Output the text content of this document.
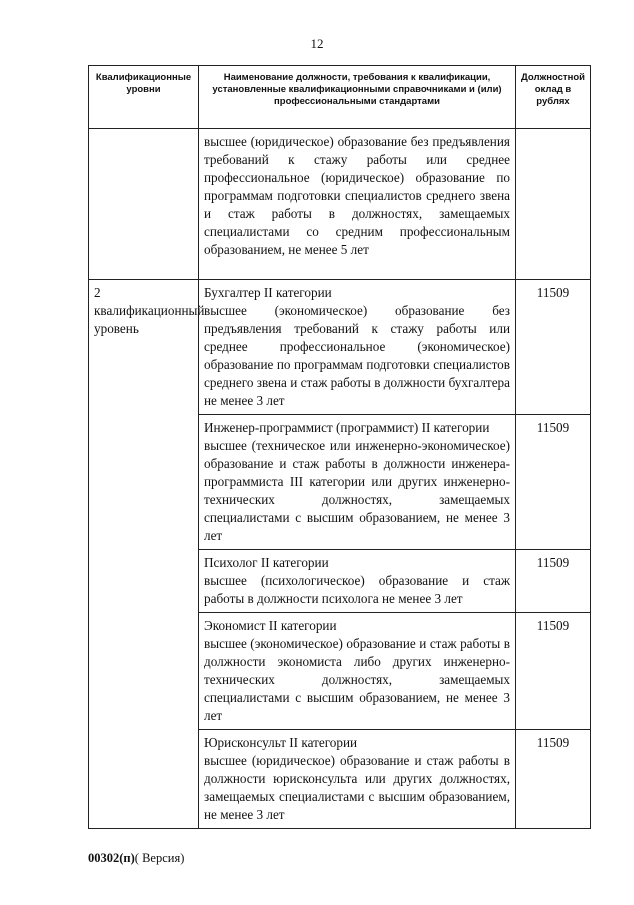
12
Квалификационные уровни	Наименование должности, требования к квалификации, установленные квалификационными справочниками и (или) профессиональными стандартами	Должностной оклад в рублях

	высшее (юридическое) образование без предъявления требований к стажу работы или среднее профессиональное (юридическое) образование по программам подготовки специалистов среднего звена и стаж работы в должностях, замещаемых специалистами со средним профессиональным образованием, не менее 5 лет	

2 квалификационный уровень	Бухгалтер II категории
высшее (экономическое) образование без предъявления требований к стажу работы или среднее профессиональное (экономическое) образование по программам подготовки специалистов среднего звена и стаж работы в должности бухгалтера не менее 3 лет	11509

	Инженер-программист (программист) II категории
высшее (техническое или инженерно-экономическое) образование и стаж работы в должности инженера-программиста III категории или других инженерно-технических должностях, замещаемых специалистами с высшим образованием, не менее 3 лет	11509

	Психолог II категории
высшее (психологическое) образование и стаж работы в должности психолога не менее 3 лет	11509

	Экономист II категории
высшее (экономическое) образование и стаж работы в должности экономиста либо других инженерно-технических должностях, замещаемых специалистами с высшим образованием, не менее 3 лет	11509

	Юрисконсульт II категории
высшее (юридическое) образование и стаж работы в должности юрисконсульта или других должностях, замещаемых специалистами с высшим образованием, не менее 3 лет	11509
00302(п)( Версия)
